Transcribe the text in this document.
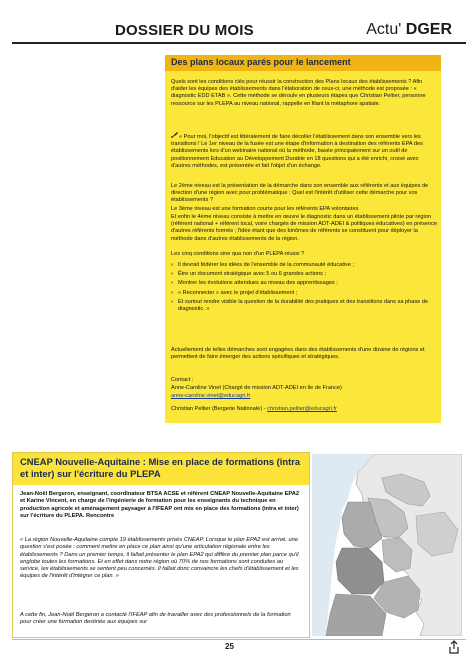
DOSSIER DU MOIS	Actu' DGER
Des plans locaux parés pour le lancement
Quels sont les conditions clés pour réussir la construction des Plans locaux des établissements ? Afin d'aider les équipes des établissements dans l'élaboration de ceux-ci, une méthode est proposée : « diagnostic EDD ETAB ». Cette méthode se déroule en plusieurs étapes que Christian Peltier, personne ressource sur les PLEPA au niveau national, rappelle en filant la métaphore spatiale.
« Pour moi, l'objectif est littéralement de faire décoller l'établissement dans son ensemble vers les transitions ! Le 1er niveau de la fusée est une étape d'information à destination des référents EPA des établissements lors d'un webinaire national où la méthode, basée principalement sur un outil de positionnement Education au Développement Durable en 18 questions qui a été enrichi, croisé avec d'autres méthodes, est présentée et fait l'objet d'un échange.
Le 2ème niveau est la présentation de la démarche dans son ensemble aux référents et aux équipes de direction d'une région avec pour problématique : Quel est l'intérêt d'utiliser cette démarche pour vos établissements ?
Le 3ème niveau est une formation courte pour les référents EPA volontaires
Et enfin le 4ème niveau consiste à mettre en œuvre le diagnostic dans un établissement pilote par région (référent national + référent local, voire chargés de mission ADT-ADEI & politiques éducatives) en présence d'autres référents formés ; l'idée étant que des binômes de référents se constituent pour déployer la méthode dans d'autres établissements de la région.
Les cinq conditions sine qua non d'un PLEPA réussi ?
› Il devrait fédérer les idées de l'ensemble de la communauté éducative ;
› Être un document stratégique avec 5 ou 6 grandes actions ;
› Montrer les évolutions attendues au niveau des apprentissages ;
› « Reconnecter » avec le projet d'établissement ;
› Et surtout rendre visible la question de la durabilité des pratiques et des transitions dans sa phase de diagnostic. »
Actuellement de telles démarches sont engagées dans des établissements d'une dizaine de régions et permettent de faire émerger des actions spécifiques et stratégiques.
Contact :
Anne-Caroline Vinet (Chargé de mission ADT-ADEI en Ile de France)
anne-caroline.vinet@educagri.fr
Christian Peltier (Bergerie Nationale) - christian.peltier@educagri.fr
CNEAP Nouvelle-Aquitaine : Mise en place de formations (intra et inter) sur l'écriture du PLEPA
Jean-Noël Bergeron, enseignant, coordinateur BTSA ACSE et référent CNEAP Nouvelle-Aquitaine EPA2 et Karine Vincent, en charge de l'ingénierie de formation pour les enseignants du technique en production agricole et aménagement paysager à l'IFEAP ont mis en place des formations (intra et inter) sur l'écriture du PLEPA. Rencontre
« La région Nouvelle-Aquitaine compte 19 établissements privés CNEAP. Lorsque le plan EPA2 est arrivé, une question s'est posée : comment mettre en place ce plan ainsi qu'une articulation régionale entre les établissements ? Dans un premier temps, il fallait présenter le plan EPA2 qui diffère du premier plan parce qu'il englobe toutes les formations. Et en effet dans notre région où 70% de nos formations sont conduites au service, les établissements se sentent peu concernés. Il fallait donc convaincre les chefs d'établissement et les équipes de l'intérêt d'intégrer ce plan. »
A cette fin, Jean-Noël Bergeron a contacté l'IFEAP afin de travailler avec des professionnels de la formation pour créer une formation destinée aux équipes sur
25
